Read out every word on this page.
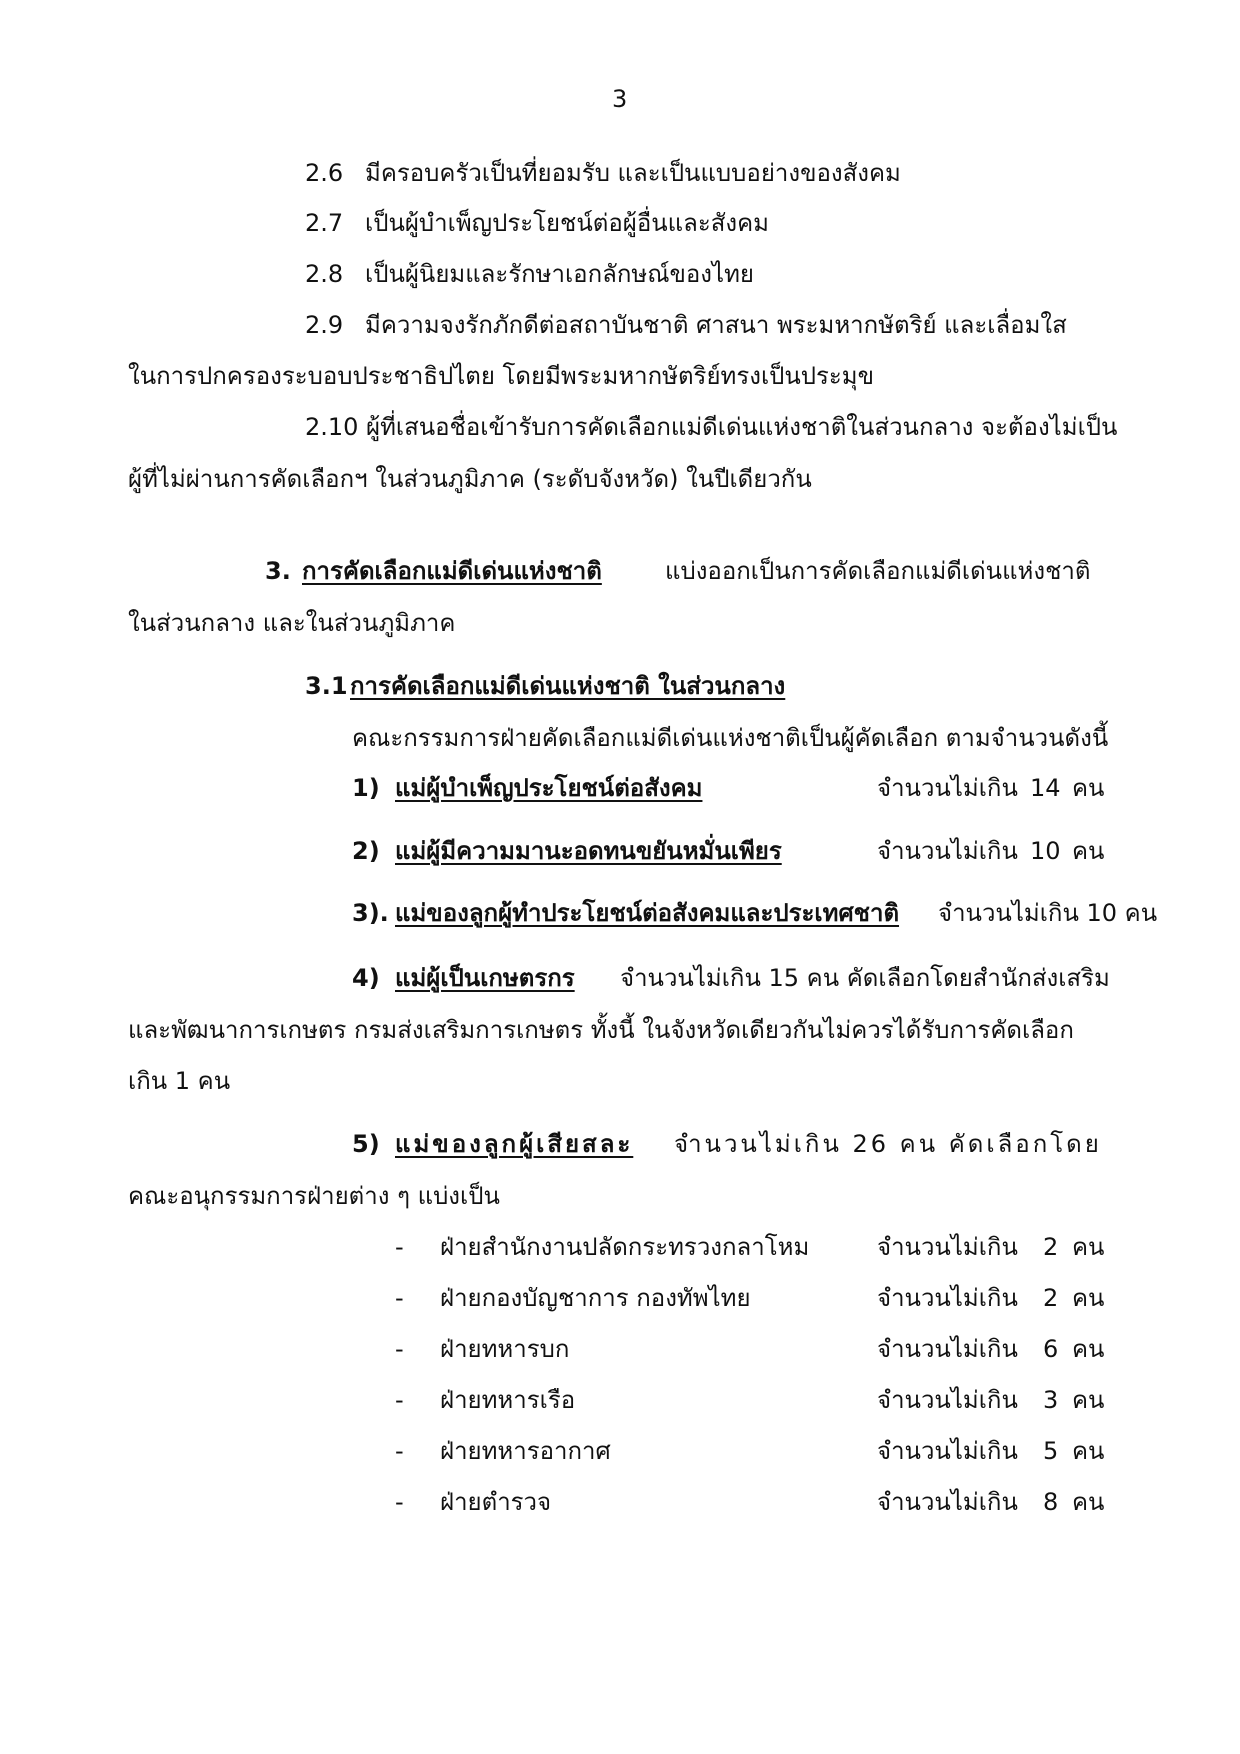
3
2.6 มีครอบครัวเป็นที่ยอมรับ และเป็นแบบอย่างของสังคม
2.7 เป็นผู้บำเพ็ญประโยชน์ต่อผู้อื่นและสังคม
2.8 เป็นผู้นิยมและรักษาเอกลักษณ์ของไทย
2.9 มีความจงรักภักดีต่อสถาบันชาติ ศาสนา พระมหากษัตริย์ และเลื่อมใส
ในการปกครองระบอบประชาธิปไตย โดยมีพระมหากษัตริย์ทรงเป็นประมุข
2.10 ผู้ที่เสนอชื่อเข้ารับการคัดเลือกแม่ดีเด่นแห่งชาติในส่วนกลาง จะต้องไม่เป็น
ผู้ที่ไม่ผ่านการคัดเลือกฯ ในส่วนภูมิภาค (ระดับจังหวัด) ในปีเดียวกัน
3. การคัดเลือกแม่ดีเด่นแห่งชาติ	แบ่งออกเป็นการคัดเลือกแม่ดีเด่นแห่งชาติ
ในส่วนกลาง และในส่วนภูมิภาค
3.1 การคัดเลือกแม่ดีเด่นแห่งชาติ ในส่วนกลาง
คณะกรรมการฝ่ายคัดเลือกแม่ดีเด่นแห่งชาติเป็นผู้คัดเลือก ตามจำนวนดังนี้
1) แม่ผู้บำเพ็ญประโยชน์ต่อสังคม	จำนวนไม่เกิน 14 คน
2) แม่ผู้มีความมานะอดทนขยันหมั่นเพียร	จำนวนไม่เกิน 10 คน
3). แม่ของลูกผู้ทำประโยชน์ต่อสังคมและประเทศชาติ จำนวนไม่เกิน 10 คน
4) แม่ผู้เป็นเกษตรกร จำนวนไม่เกิน 15 คน คัดเลือกโดยสำนักส่งเสริม
และพัฒนาการเกษตร กรมส่งเสริมการเกษตร ทั้งนี้ ในจังหวัดเดียวกันไม่ควรได้รับการคัดเลือก
เกิน 1 คน
5) แม่ของลูกผู้เสียสละ จำนวนไม่เกิน 26 คน คัดเลือกโดย
คณะอนุกรรมการฝ่ายต่าง ๆ แบ่งเป็น
- ฝ่ายสำนักงานปลัดกระทรวงกลาโหม	จำนวนไม่เกิน 2 คน
- ฝ่ายกองบัญชาการ กองทัพไทย	จำนวนไม่เกิน 2 คน
- ฝ่ายทหารบก	จำนวนไม่เกิน 6 คน
- ฝ่ายทหารเรือ	จำนวนไม่เกิน 3 คน
- ฝ่ายทหารอากาศ	จำนวนไม่เกิน 5 คน
- ฝ่ายตำรวจ	จำนวนไม่เกิน 8 คน
